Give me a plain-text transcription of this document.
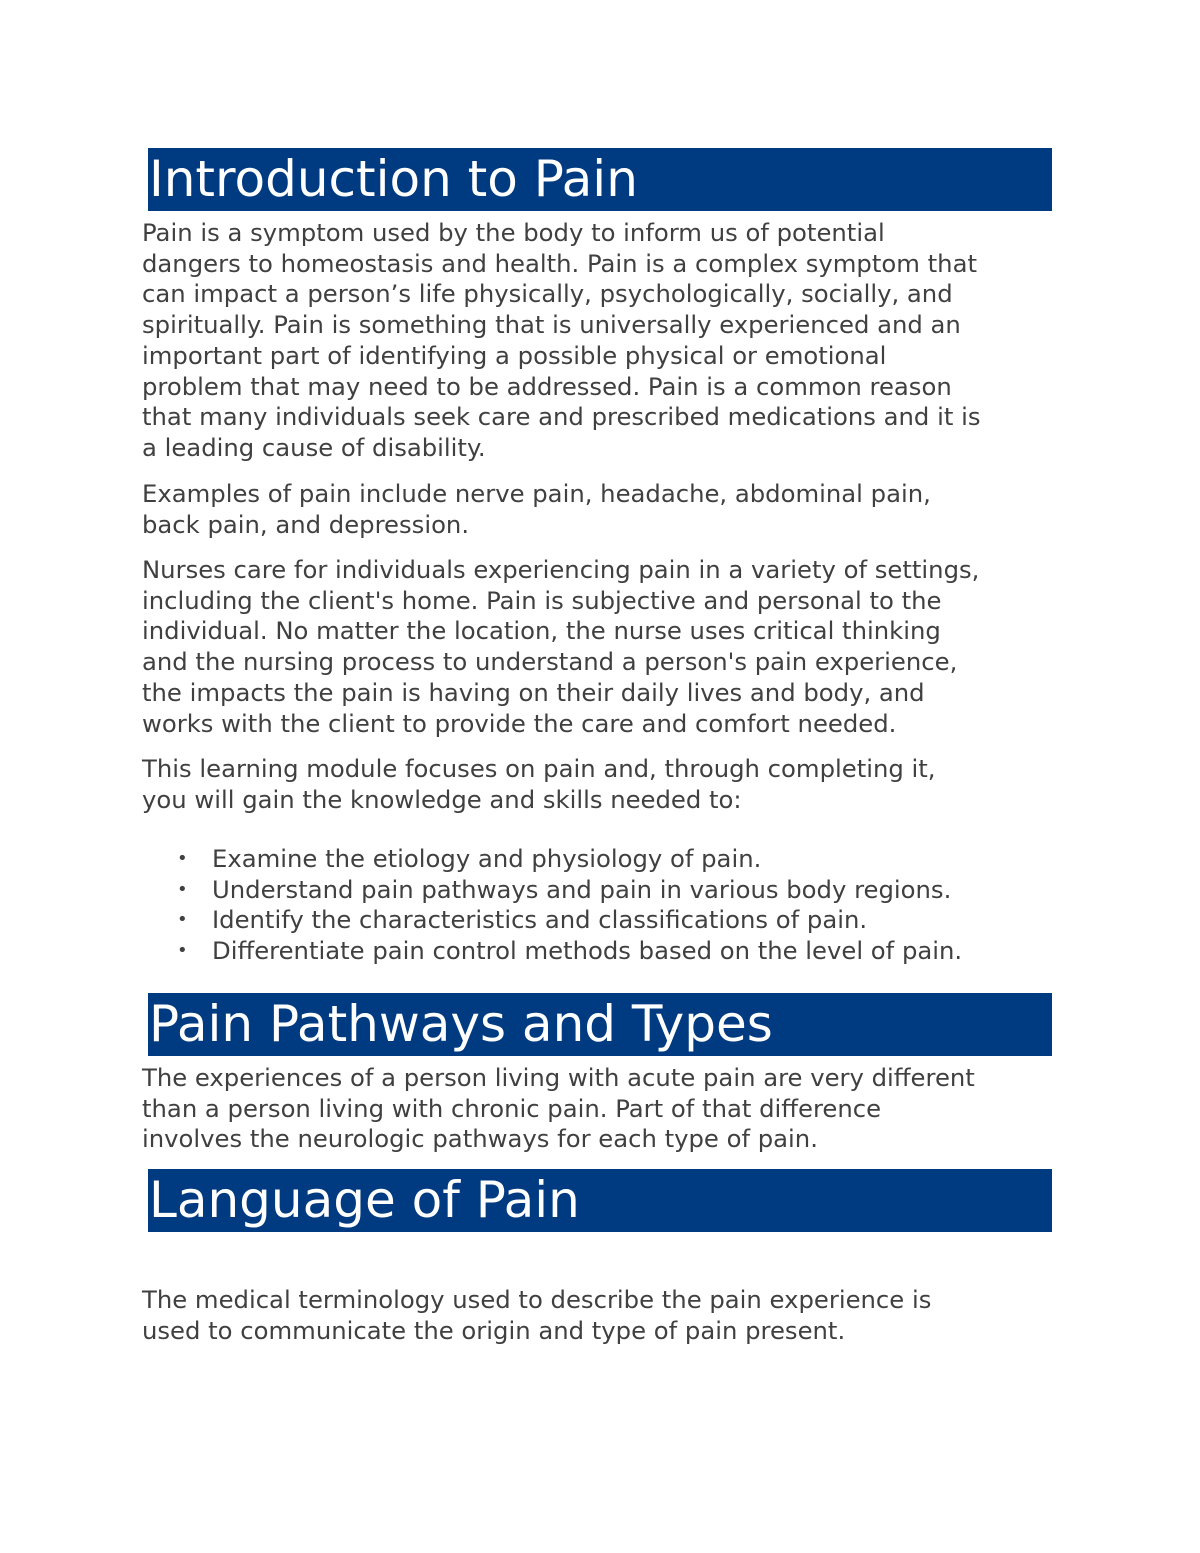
Introduction to Pain

Pain is a symptom used by the body to inform us of potential
dangers to homeostasis and health. Pain is a complex symptom that
can impact a person’s life physically, psychologically, socially, and
spiritually. Pain is something that is universally experienced and an
important part of identifying a possible physical or emotional
problem that may need to be addressed. Pain is a common reason
that many individuals seek care and prescribed medications and it is
a leading cause of disability.

Examples of pain include nerve pain, headache, abdominal pain,
back pain, and depression.

Nurses care for individuals experiencing pain in a variety of settings,
including the client's home. Pain is subjective and personal to the
individual. No matter the location, the nurse uses critical thinking
and the nursing process to understand a person's pain experience,
the impacts the pain is having on their daily lives and body, and
works with the client to provide the care and comfort needed.

This learning module focuses on pain and, through completing it,
you will gain the knowledge and skills needed to:

• Examine the etiology and physiology of pain.
• Understand pain pathways and pain in various body regions.
• Identify the characteristics and classifications of pain.
• Differentiate pain control methods based on the level of pain.
Pain Pathways and Types

The experiences of a person living with acute pain are very different
than a person living with chronic pain. Part of that difference
involves the neurologic pathways for each type of pain.

Language of Pain

The medical terminology used to describe the pain experience is
used to communicate the origin and type of pain present.
